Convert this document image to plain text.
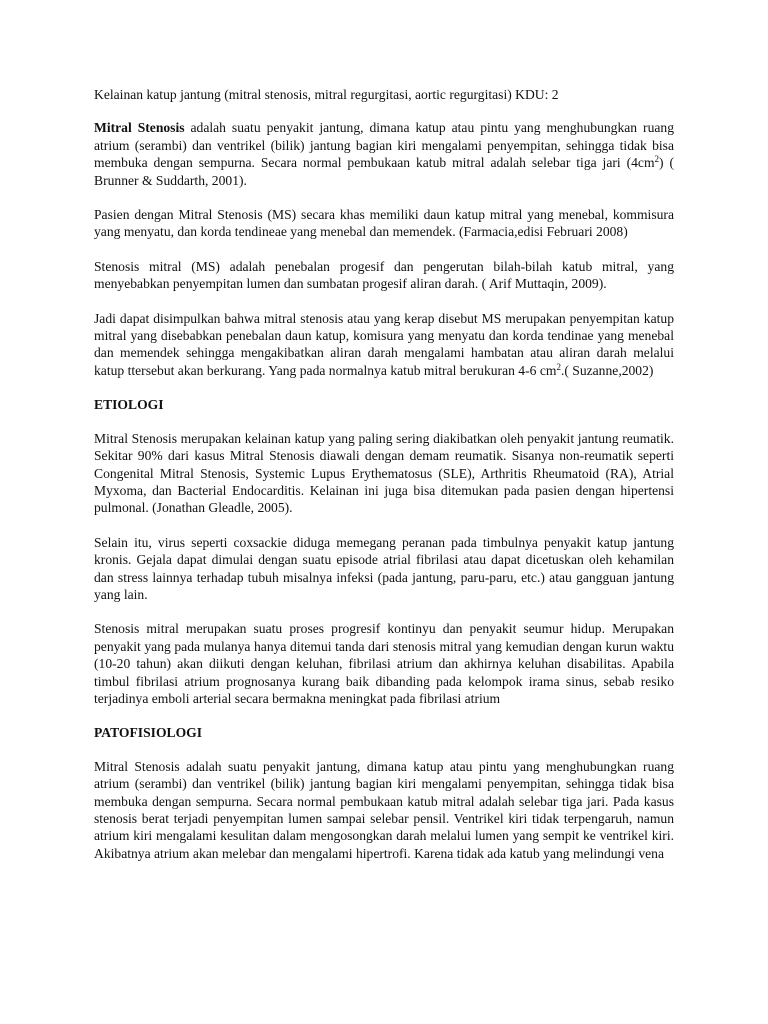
Kelainan katup jantung (mitral stenosis, mitral regurgitasi, aortic regurgitasi) KDU: 2

Mitral Stenosis adalah suatu penyakit jantung, dimana katup atau pintu yang menghubungkan ruang atrium (serambi) dan ventrikel (bilik) jantung bagian kiri mengalami penyempitan, sehingga tidak bisa membuka dengan sempurna. Secara normal pembukaan katub mitral adalah selebar tiga jari $(4cm^2)$ ( Brunner & Suddarth, 2001).

Pasien dengan Mitral Stenosis (MS) secara khas memiliki daun katup mitral yang menebal, kommisura yang menyatu, dan korda tendineae yang menebal dan memendek. (Farmacia,edisi Februari 2008)

Stenosis mitral (MS) adalah penebalan progesif dan pengerutan bilah-bilah katub mitral, yang menyebabkan penyempitan lumen dan sumbatan progesif aliran darah. ( Arif Muttaqin, 2009).

Jadi dapat disimpulkan bahwa mitral stenosis atau yang kerap disebut MS merupakan penyempitan katup mitral yang disebabkan penebalan daun katup, komisura yang menyatu dan korda tendinae yang menebal dan memendek sehingga mengakibatkan aliran darah mengalami hambatan atau aliran darah melalui katup ttersebut akan berkurang. Yang pada normalnya katub mitral berukuran 4-6 $cm^2$.( Suzanne,2002)

ETIOLOGI

Mitral Stenosis merupakan kelainan katup yang paling sering diakibatkan oleh penyakit jantung reumatik. Sekitar 90% dari kasus Mitral Stenosis diawali dengan demam reumatik. Sisanya non-reumatik seperti Congenital Mitral Stenosis, Systemic Lupus Erythematosus (SLE), Arthritis Rheumatoid (RA), Atrial Myxoma, dan Bacterial Endocarditis. Kelainan ini juga bisa ditemukan pada pasien dengan hipertensi pulmonal. (Jonathan Gleadle, 2005).

Selain itu, virus seperti coxsackie diduga memegang peranan pada timbulnya penyakit katup jantung kronis. Gejala dapat dimulai dengan suatu episode atrial fibrilasi atau dapat dicetuskan oleh kehamilan dan stress lainnya terhadap tubuh misalnya infeksi (pada jantung, paru-paru, etc.) atau gangguan jantung yang lain.

Stenosis mitral merupakan suatu proses progresif kontinyu dan penyakit seumur hidup. Merupakan penyakit yang pada mulanya hanya ditemui tanda dari stenosis mitral yang kemudian dengan kurun waktu (10-20 tahun) akan diikuti dengan keluhan, fibrilasi atrium dan akhirnya keluhan disabilitas. Apabila timbul fibrilasi atrium prognosanya kurang baik dibanding pada kelompok irama sinus, sebab resiko terjadinya emboli arterial secara bermakna meningkat pada fibrilasi atrium

PATOFISIOLOGI

Mitral Stenosis adalah suatu penyakit jantung, dimana katup atau pintu yang menghubungkan ruang atrium (serambi) dan ventrikel (bilik) jantung bagian kiri mengalami penyempitan, sehingga tidak bisa membuka dengan sempurna. Secara normal pembukaan katub mitral adalah selebar tiga jari. Pada kasus stenosis berat terjadi penyempitan lumen sampai selebar pensil. Ventrikel kiri tidak terpengaruh, namun atrium kiri mengalami kesulitan dalam mengosongkan darah melalui lumen yang sempit ke ventrikel kiri. Akibatnya atrium akan melebar dan mengalami hipertrofi. Karena tidak ada katub yang melindungi vena
